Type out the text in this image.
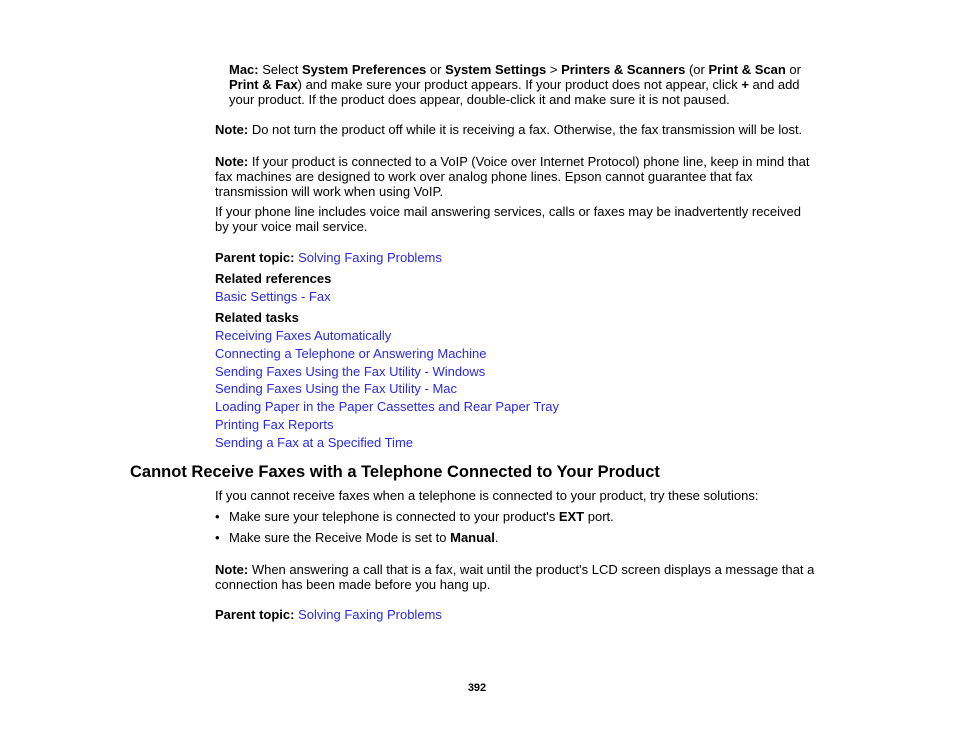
Mac: Select System Preferences or System Settings > Printers & Scanners (or Print & Scan or

Print & Fax) and make sure your product appears. If your product does not appear, click + and add

your product. If the product does appear, double-click it and make sure it is not paused.

Note: Do not turn the product off while it is receiving a fax. Otherwise, the fax transmission will be lost.

Note: If your product is connected to a VoIP (Voice over Internet Protocol) phone line, keep in mind that

fax machines are designed to work over analog phone lines. Epson cannot guarantee that fax

transmission will work when using VoIP.

If your phone line includes voice mail answering services, calls or faxes may be inadvertently received

by your voice mail service.

Parent topic: Solving Faxing Problems

Related references

Basic Settings - Fax

Related tasks

Receiving Faxes Automatically
Connecting a Telephone or Answering Machine
Sending Faxes Using the Fax Utility - Windows
Sending Faxes Using the Fax Utility - Mac
Loading Paper in the Paper Cassettes and Rear Paper Tray
Printing Fax Reports
Sending a Fax at a Specified Time

Cannot Receive Faxes with a Telephone Connected to Your Product

If you cannot receive faxes when a telephone is connected to your product, try these solutions:

• Make sure your telephone is connected to your product's EXT port.

• Make sure the Receive Mode is set to Manual.

Note: When answering a call that is a fax, wait until the product's LCD screen displays a message that a

connection has been made before you hang up.

Parent topic: Solving Faxing Problems

392
